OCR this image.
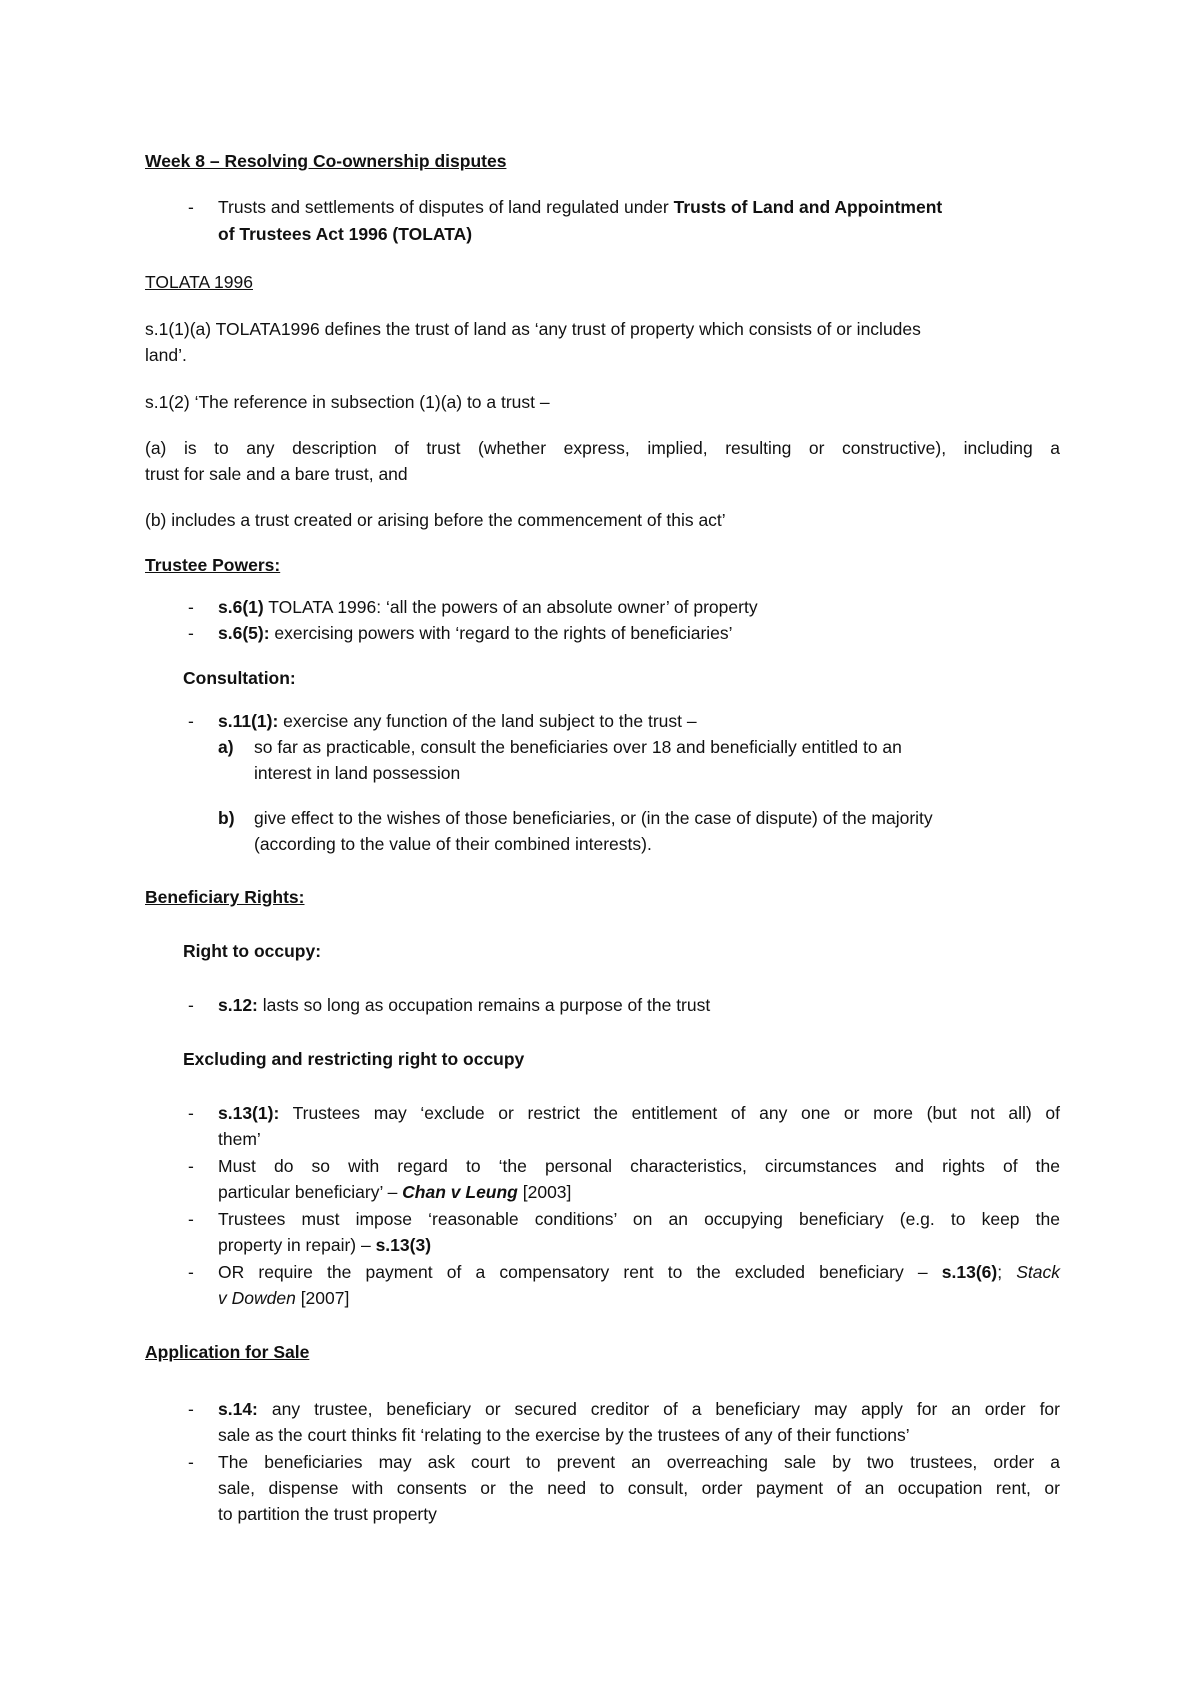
Week 8 – Resolving Co-ownership disputes
- Trusts and settlements of disputes of land regulated under Trusts of Land and Appointment
of Trustees Act 1996 (TOLATA)
TOLATA 1996
s.1(1)(a) TOLATA1996 defines the trust of land as ‘any trust of property which consists of or includes
land’.
s.1(2) ‘The reference in subsection (1)(a) to a trust –
(a) is to any description of trust (whether express, implied, resulting or constructive), including a
trust for sale and a bare trust, and
(b) includes a trust created or arising before the commencement of this act’
Trustee Powers:
- s.6(1) TOLATA 1996: ‘all the powers of an absolute owner’ of property
- s.6(5): exercising powers with ‘regard to the rights of beneficiaries’
Consultation:
- s.11(1): exercise any function of the land subject to the trust –
a) so far as practicable, consult the beneficiaries over 18 and beneficially entitled to an
interest in land possession
b) give effect to the wishes of those beneficiaries, or (in the case of dispute) of the majority
(according to the value of their combined interests).
Beneficiary Rights:
Right to occupy:
- s.12: lasts so long as occupation remains a purpose of the trust
Excluding and restricting right to occupy
- s.13(1): Trustees may ‘exclude or restrict the entitlement of any one or more (but not all) of
them’
- Must do so with regard to ‘the personal characteristics, circumstances and rights of the
particular beneficiary’ – Chan v Leung [2003]
- Trustees must impose ‘reasonable conditions’ on an occupying beneficiary (e.g. to keep the
property in repair) – s.13(3)
- OR require the payment of a compensatory rent to the excluded beneficiary – s.13(6); Stack
v Dowden [2007]
Application for Sale
- s.14: any trustee, beneficiary or secured creditor of a beneficiary may apply for an order for
sale as the court thinks fit ‘relating to the exercise by the trustees of any of their functions’
- The beneficiaries may ask court to prevent an overreaching sale by two trustees, order a
sale, dispense with consents or the need to consult, order payment of an occupation rent, or
to partition the trust property
